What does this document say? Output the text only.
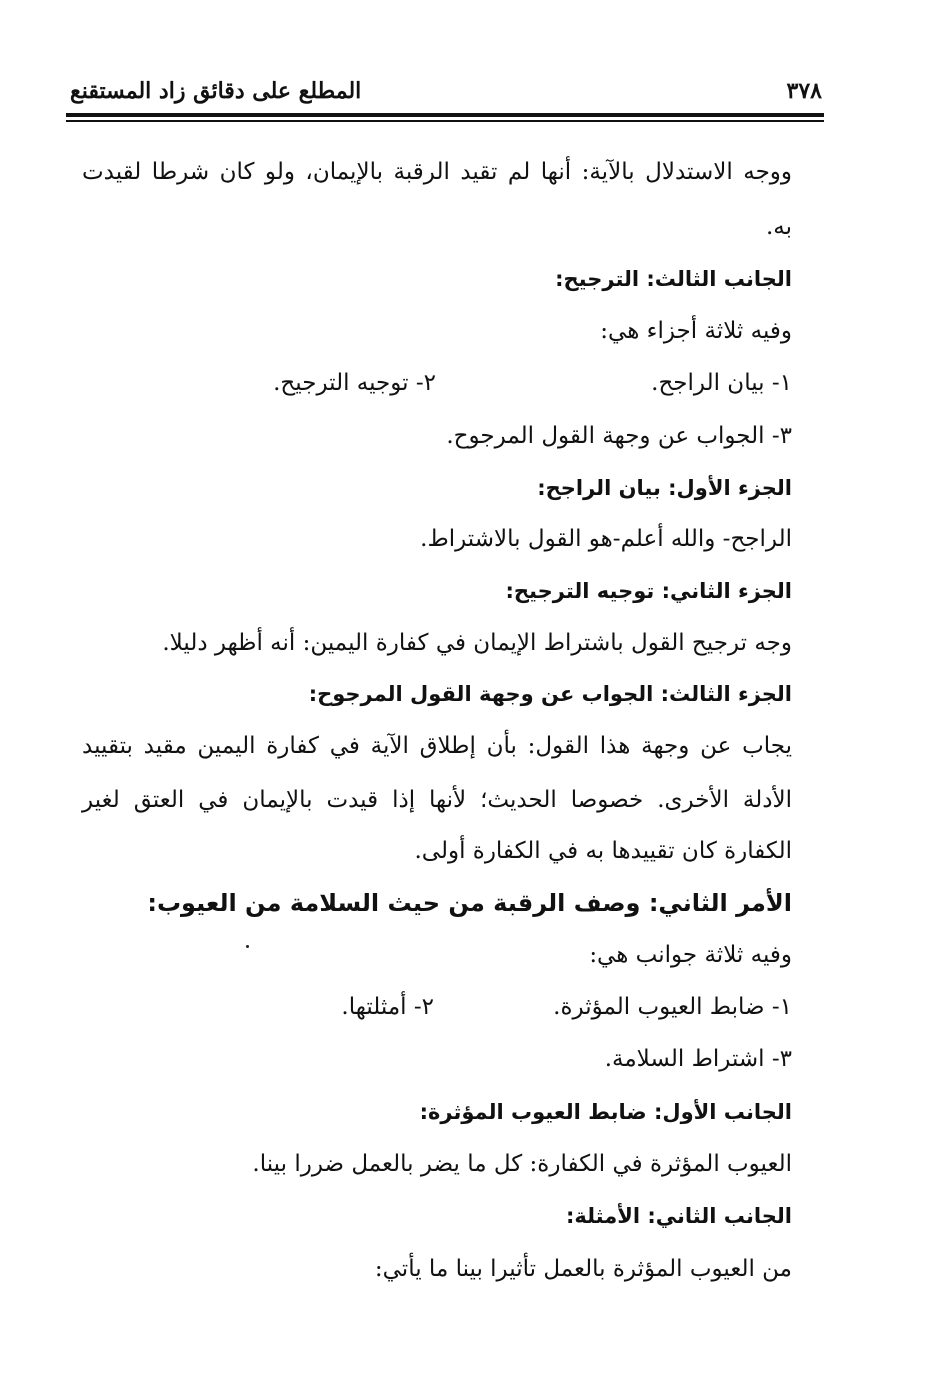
٣٧٨
المطلع على دقائق زاد المستقنع
ووجه الاستدلال بالآية: أنها لم تقيد الرقبة بالإيمان، ولو كان شرطا لقيدت
به.
الجانب الثالث: الترجيح:
وفيه ثلاثة أجزاء هي:
١- بيان الراجح.
٢- توجيه الترجيح.
٣- الجواب عن وجهة القول المرجوح.
الجزء الأول: بيان الراجح:
الراجح- والله أعلم-هو القول بالاشتراط.
الجزء الثاني: توجيه الترجيح:
وجه ترجيح القول باشتراط الإيمان في كفارة اليمين: أنه أظهر دليلا.
الجزء الثالث: الجواب عن وجهة القول المرجوح:
يجاب عن وجهة هذا القول: بأن إطلاق الآية في كفارة اليمين مقيد بتقييد
الأدلة الأخرى. خصوصا الحديث؛ لأنها إذا قيدت بالإيمان في العتق لغير
الكفارة كان تقييدها به في الكفارة أولى.
الأمر الثاني: وصف الرقبة من حيث السلامة من العيوب:
وفيه ثلاثة جوانب هي:
١- ضابط العيوب المؤثرة.
٢- أمثلتها.
٣- اشتراط السلامة.
الجانب الأول: ضابط العيوب المؤثرة:
العيوب المؤثرة في الكفارة: كل ما يضر بالعمل ضررا بينا.
الجانب الثاني: الأمثلة:
من العيوب المؤثرة بالعمل تأثيرا بينا ما يأتي:
